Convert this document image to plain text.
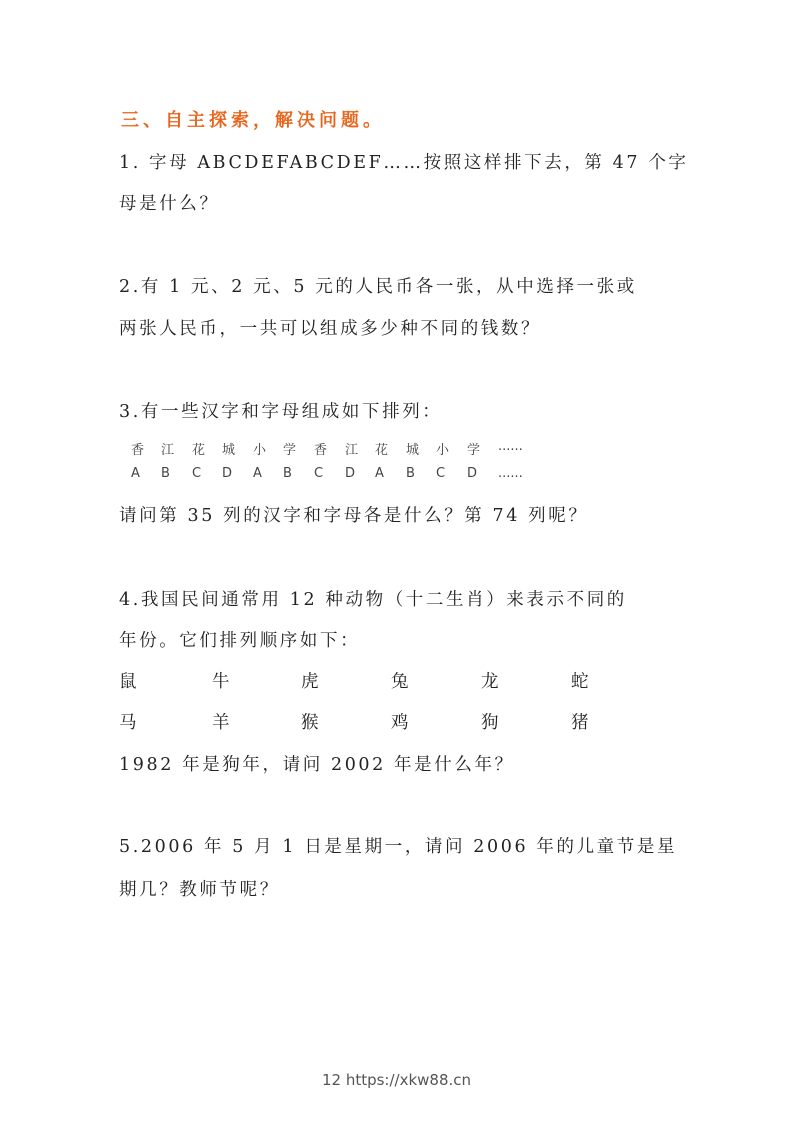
三、自主探索，解决问题。
1. 字母 ABCDEFABCDEF……按照这样排下去，第 47 个字
母是什么？
2.有 1 元、2 元、5 元的人民币各一张，从中选择一张或
两张人民币，一共可以组成多少种不同的钱数？
3.有一些汉字和字母组成如下排列：
香 江 花 城 小 学 香 江 花 城 小 学 ......
A B C D A B C D A B C D ......
请问第 35 列的汉字和字母各是什么？第 74 列呢？
4.我国民间通常用 12 种动物（十二生肖）来表示不同的
年份。它们排列顺序如下：
鼠	牛	虎	兔	龙	蛇
马	羊	猴	鸡	狗	猪
1982 年是狗年，请问 2002 年是什么年？
5.2006 年 5 月 1 日是星期一，请问 2006 年的儿童节是星
期几？教师节呢？
12 https://xkw88.cn
